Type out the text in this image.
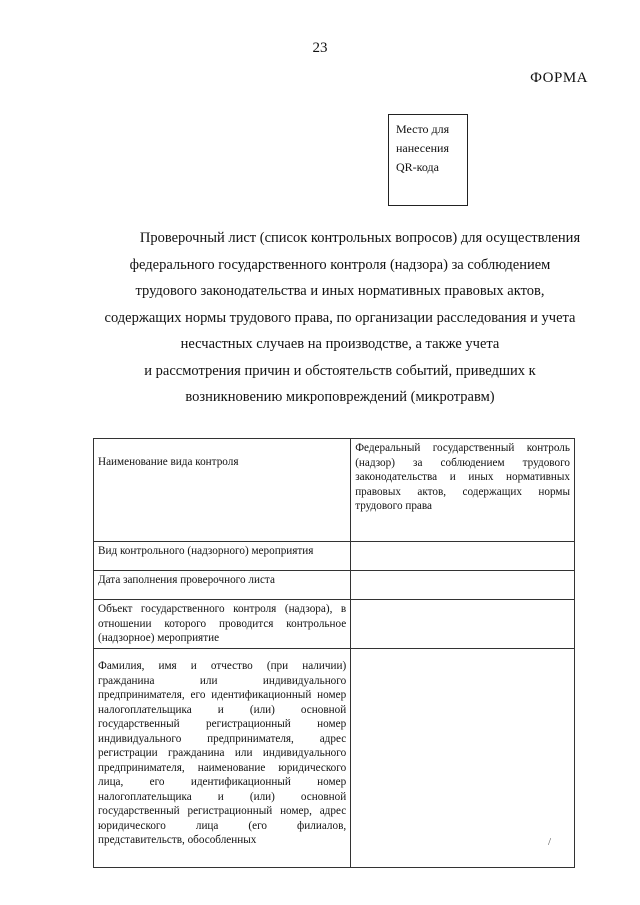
23
ФОРМА
Место для
нанесения
QR-кода
Проверочный лист (список контрольных вопросов) для осуществления
федерального государственного контроля (надзора) за соблюдением
трудового законодательства и иных нормативных правовых актов,
содержащих нормы трудового права, по организации расследования и учета
несчастных случаев на производстве, а также учета
и рассмотрения причин и обстоятельств событий, приведших к
возникновению микроповреждений (микротравм)
Наименование вида контроля	Федеральный государственный контроль (надзор) за соблюдением трудового законодательства и иных нормативных правовых актов, содержащих нормы трудового права
Вид контрольного (надзорного) мероприятия	
Дата заполнения проверочного листа	
Объект государственного контроля (надзора), в отношении которого проводится контрольное (надзорное) мероприятие	
Фамилия, имя и отчество (при наличии) гражданина или индивидуального предпринимателя, его идентификационный номер налогоплательщика и (или) основной государственный регистрационный номер индивидуального предпринимателя, адрес регистрации гражданина или индивидуального предпринимателя, наименование юридического лица, его идентификационный номер налогоплательщика и (или) основной государственный регистрационный номер, адрес юридического лица (его филиалов, представительств, обособленных		/
